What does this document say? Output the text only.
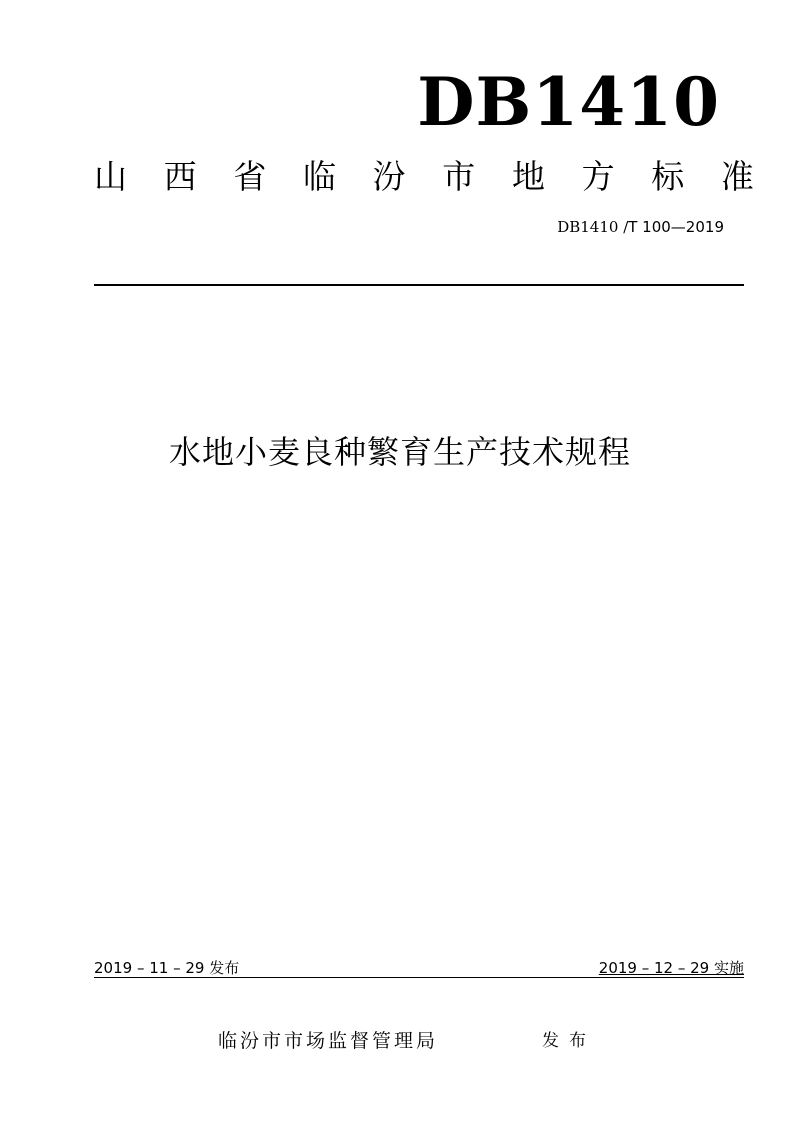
DB1410
山 西 省 临 汾 市 地 方 标 准
DB1410 /T 100—2019
水地小麦良种繁育生产技术规程
2019 – 11 – 29 发布	2019 – 12 – 29 实施
临汾市市场监督管理局	发布
